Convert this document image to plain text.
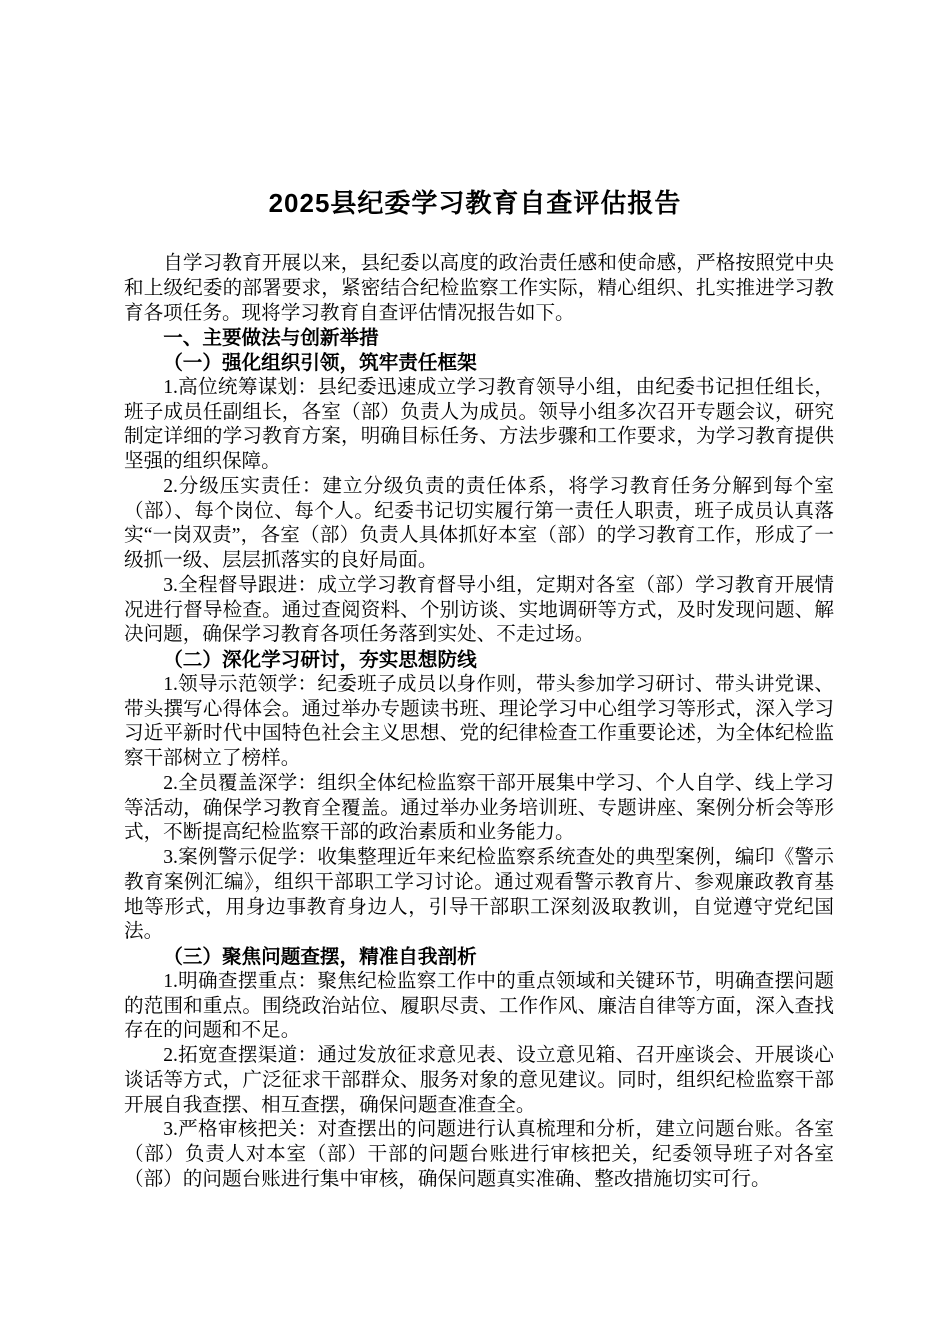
2025县纪委学习教育自查评估报告

自学习教育开展以来，县纪委以高度的政治责任感和使命感，严格按照党中央和上级纪委的部署要求，紧密结合纪检监察工作实际，精心组织、扎实推进学习教育各项任务。现将学习教育自查评估情况报告如下。

一、主要做法与创新举措

（一）强化组织引领，筑牢责任框架

1.高位统筹谋划：县纪委迅速成立学习教育领导小组，由纪委书记担任组长，班子成员任副组长，各室（部）负责人为成员。领导小组多次召开专题会议，研究制定详细的学习教育方案，明确目标任务、方法步骤和工作要求，为学习教育提供坚强的组织保障。

2.分级压实责任：建立分级负责的责任体系，将学习教育任务分解到每个室（部）、每个岗位、每个人。纪委书记切实履行第一责任人职责，班子成员认真落实“一岗双责”，各室（部）负责人具体抓好本室（部）的学习教育工作，形成了一级抓一级、层层抓落实的良好局面。

3.全程督导跟进：成立学习教育督导小组，定期对各室（部）学习教育开展情况进行督导检查。通过查阅资料、个别访谈、实地调研等方式，及时发现问题、解决问题，确保学习教育各项任务落到实处、不走过场。

（二）深化学习研讨，夯实思想防线

1.领导示范领学：纪委班子成员以身作则，带头参加学习研讨、带头讲党课、带头撰写心得体会。通过举办专题读书班、理论学习中心组学习等形式，深入学习习近平新时代中国特色社会主义思想、党的纪律检查工作重要论述，为全体纪检监察干部树立了榜样。

2.全员覆盖深学：组织全体纪检监察干部开展集中学习、个人自学、线上学习等活动，确保学习教育全覆盖。通过举办业务培训班、专题讲座、案例分析会等形式，不断提高纪检监察干部的政治素质和业务能力。

3.案例警示促学：收集整理近年来纪检监察系统查处的典型案例，编印《警示教育案例汇编》，组织干部职工学习讨论。通过观看警示教育片、参观廉政教育基地等形式，用身边事教育身边人，引导干部职工深刻汲取教训，自觉遵守党纪国法。

（三）聚焦问题查摆，精准自我剖析

1.明确查摆重点：聚焦纪检监察工作中的重点领域和关键环节，明确查摆问题的范围和重点。围绕政治站位、履职尽责、工作作风、廉洁自律等方面，深入查找存在的问题和不足。

2.拓宽查摆渠道：通过发放征求意见表、设立意见箱、召开座谈会、开展谈心谈话等方式，广泛征求干部群众、服务对象的意见建议。同时，组织纪检监察干部开展自我查摆、相互查摆，确保问题查准查全。

3.严格审核把关：对查摆出的问题进行认真梳理和分析，建立问题台账。各室（部）负责人对本室（部）干部的问题台账进行审核把关，纪委领导班子对各室（部）的问题台账进行集中审核，确保问题真实准确、整改措施切实可行。
